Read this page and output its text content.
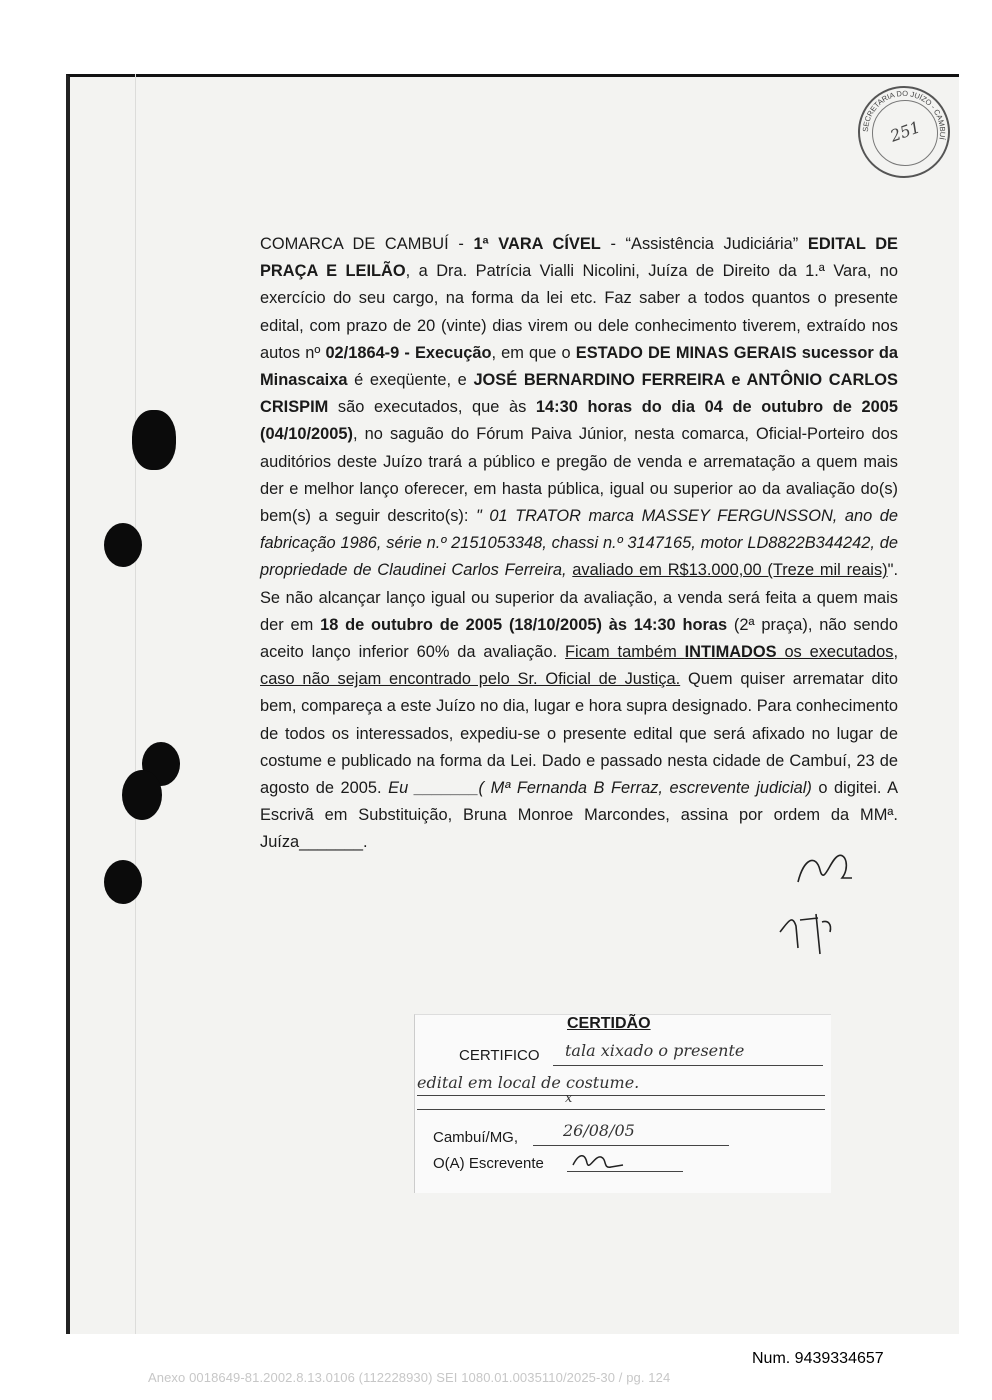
SECRETARIA DO JUÍZO - CAMBUÍ
251
COMARCA DE CAMBUÍ - 1ª VARA CÍVEL - “Assistência Judiciária” EDITAL DE PRAÇA E LEILÃO, a Dra. Patrícia Vialli Nicolini, Juíza de Direito da 1.ª Vara, no exercício do seu cargo, na forma da lei etc. Faz saber a todos quantos o presente edital, com prazo de 20 (vinte) dias virem ou dele conhecimento tiverem, extraído nos autos nº 02/1864-9 - Execução, em que o ESTADO DE MINAS GERAIS sucessor da Minascaixa é exeqüente, e JOSÉ BERNARDINO FERREIRA e ANTÔNIO CARLOS CRISPIM são executados, que às 14:30 horas do dia 04 de outubro de 2005 (04/10/2005), no saguão do Fórum Paiva Júnior, nesta comarca, Oficial-Porteiro dos auditórios deste Juízo trará a público e pregão de venda e arrematação a quem mais der e melhor lanço oferecer, em hasta pública, igual ou superior ao da avaliação do(s) bem(s) a seguir descrito(s): " 01 TRATOR marca MASSEY FERGUNSSON, ano de fabricação 1986, série n.º 2151053348, chassi n.º 3147165, motor LD8822B344242, de propriedade de Claudinei Carlos Ferreira, avaliado em R$13.000,00 (Treze mil reais)". Se não alcançar lanço igual ou superior da avaliação, a venda será feita a quem mais der em 18 de outubro de 2005 (18/10/2005) às 14:30 horas (2ª praça), não sendo aceito lanço inferior 60% da avaliação. Ficam também INTIMADOS os executados, caso não sejam encontrado pelo Sr. Oficial de Justiça. Quem quiser arrematar dito bem, compareça a este Juízo no dia, lugar e hora supra designado. Para conhecimento de todos os interessados, expediu-se o presente edital que será afixado no lugar de costume e publicado na forma da Lei. Dado e passado nesta cidade de Cambuí, 23 de agosto de 2005. Eu _______( Mª Fernanda B Ferraz, escrevente judicial) o digitei. A Escrivã em Substituição, Bruna Monroe Marcondes, assina por ordem da MMª. Juíza_______.
CERTIDÃO
CERTIFICO tala xixado o presente
edital em local de costume.
x
Cambuí/MG,	26/08/05
O(A) Escrevente
Num. 9439334657
Anexo 0018649-81.2002.8.13.0106 (112228930) SEI 1080.01.0035110/2025-30 / pg. 124
